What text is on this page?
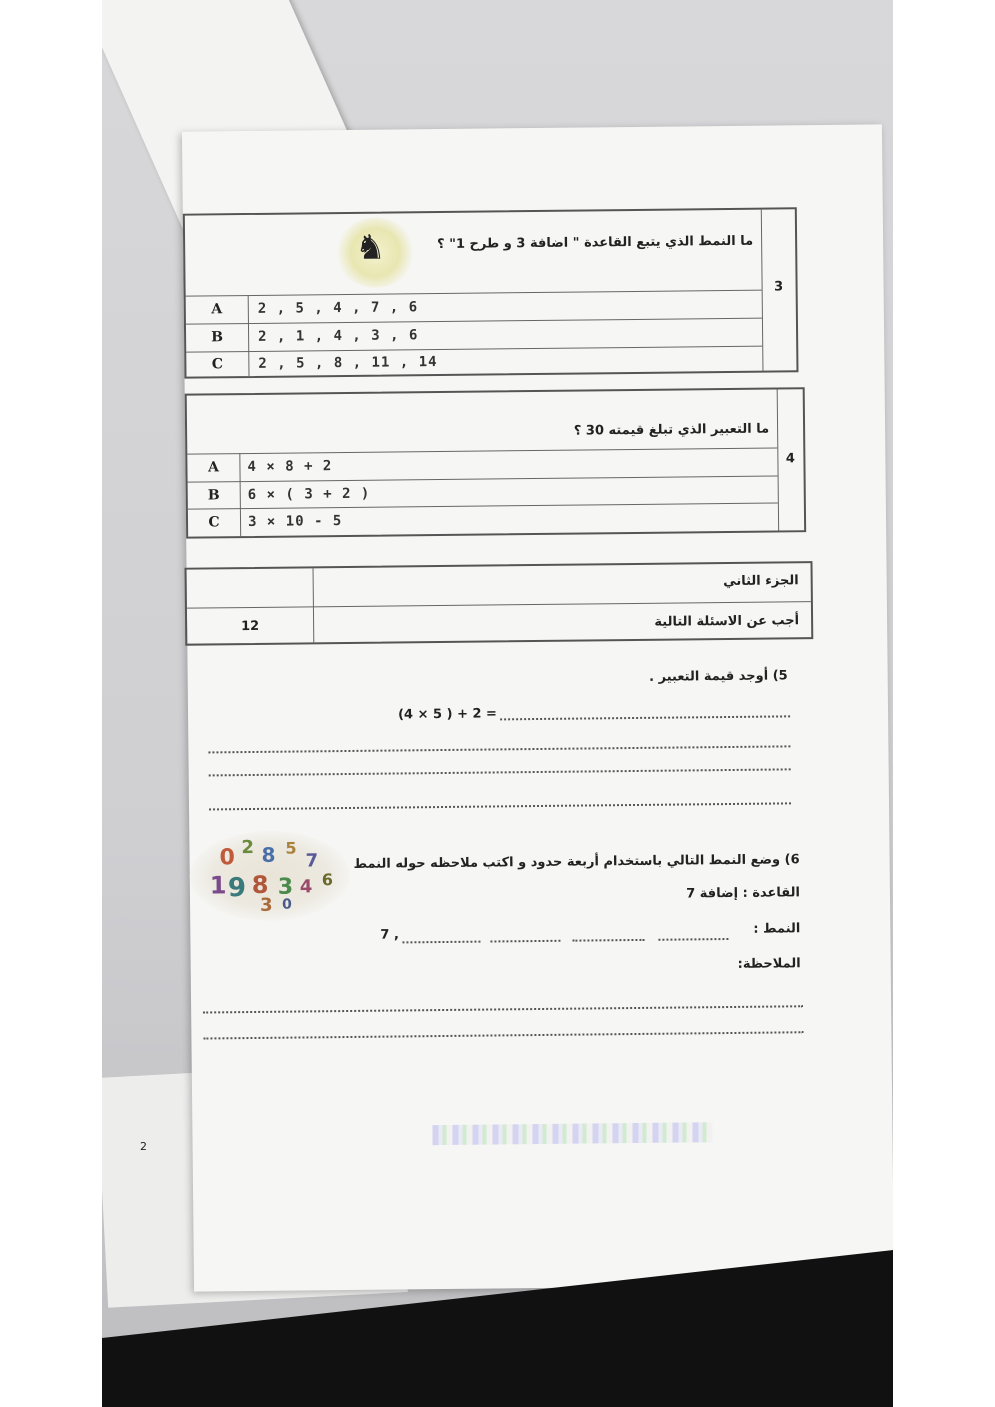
3
ما النمط الذي يتبع القاعدة " اضافة 3 و طرح 1" ؟
♞
A	2 , 5 , 4 , 7 , 6
B	2 , 1 , 4 , 3 , 6
C	2 , 5 , 8 , 11 , 14
4
ما التعبير الذي تبلغ قيمته 30 ؟
A	4 × 8 + 2
B	6 × ( 3 + 2 )
C	3 × 10 - 5
الجزء الثاني
أجب عن الاسئلة التالية
12
5) أوجد قيمة التعبير .
(4 × 5 ) + 2 =
0 2 8 5
7
1 9 8 3 4 6
3 0
6) وضع النمط التالي باستخدام أربعة حدود و اكتب ملاحظه حوله النمط
القاعدة : إضافة 7
النمط :
7 ,
الملاحظة:
2
